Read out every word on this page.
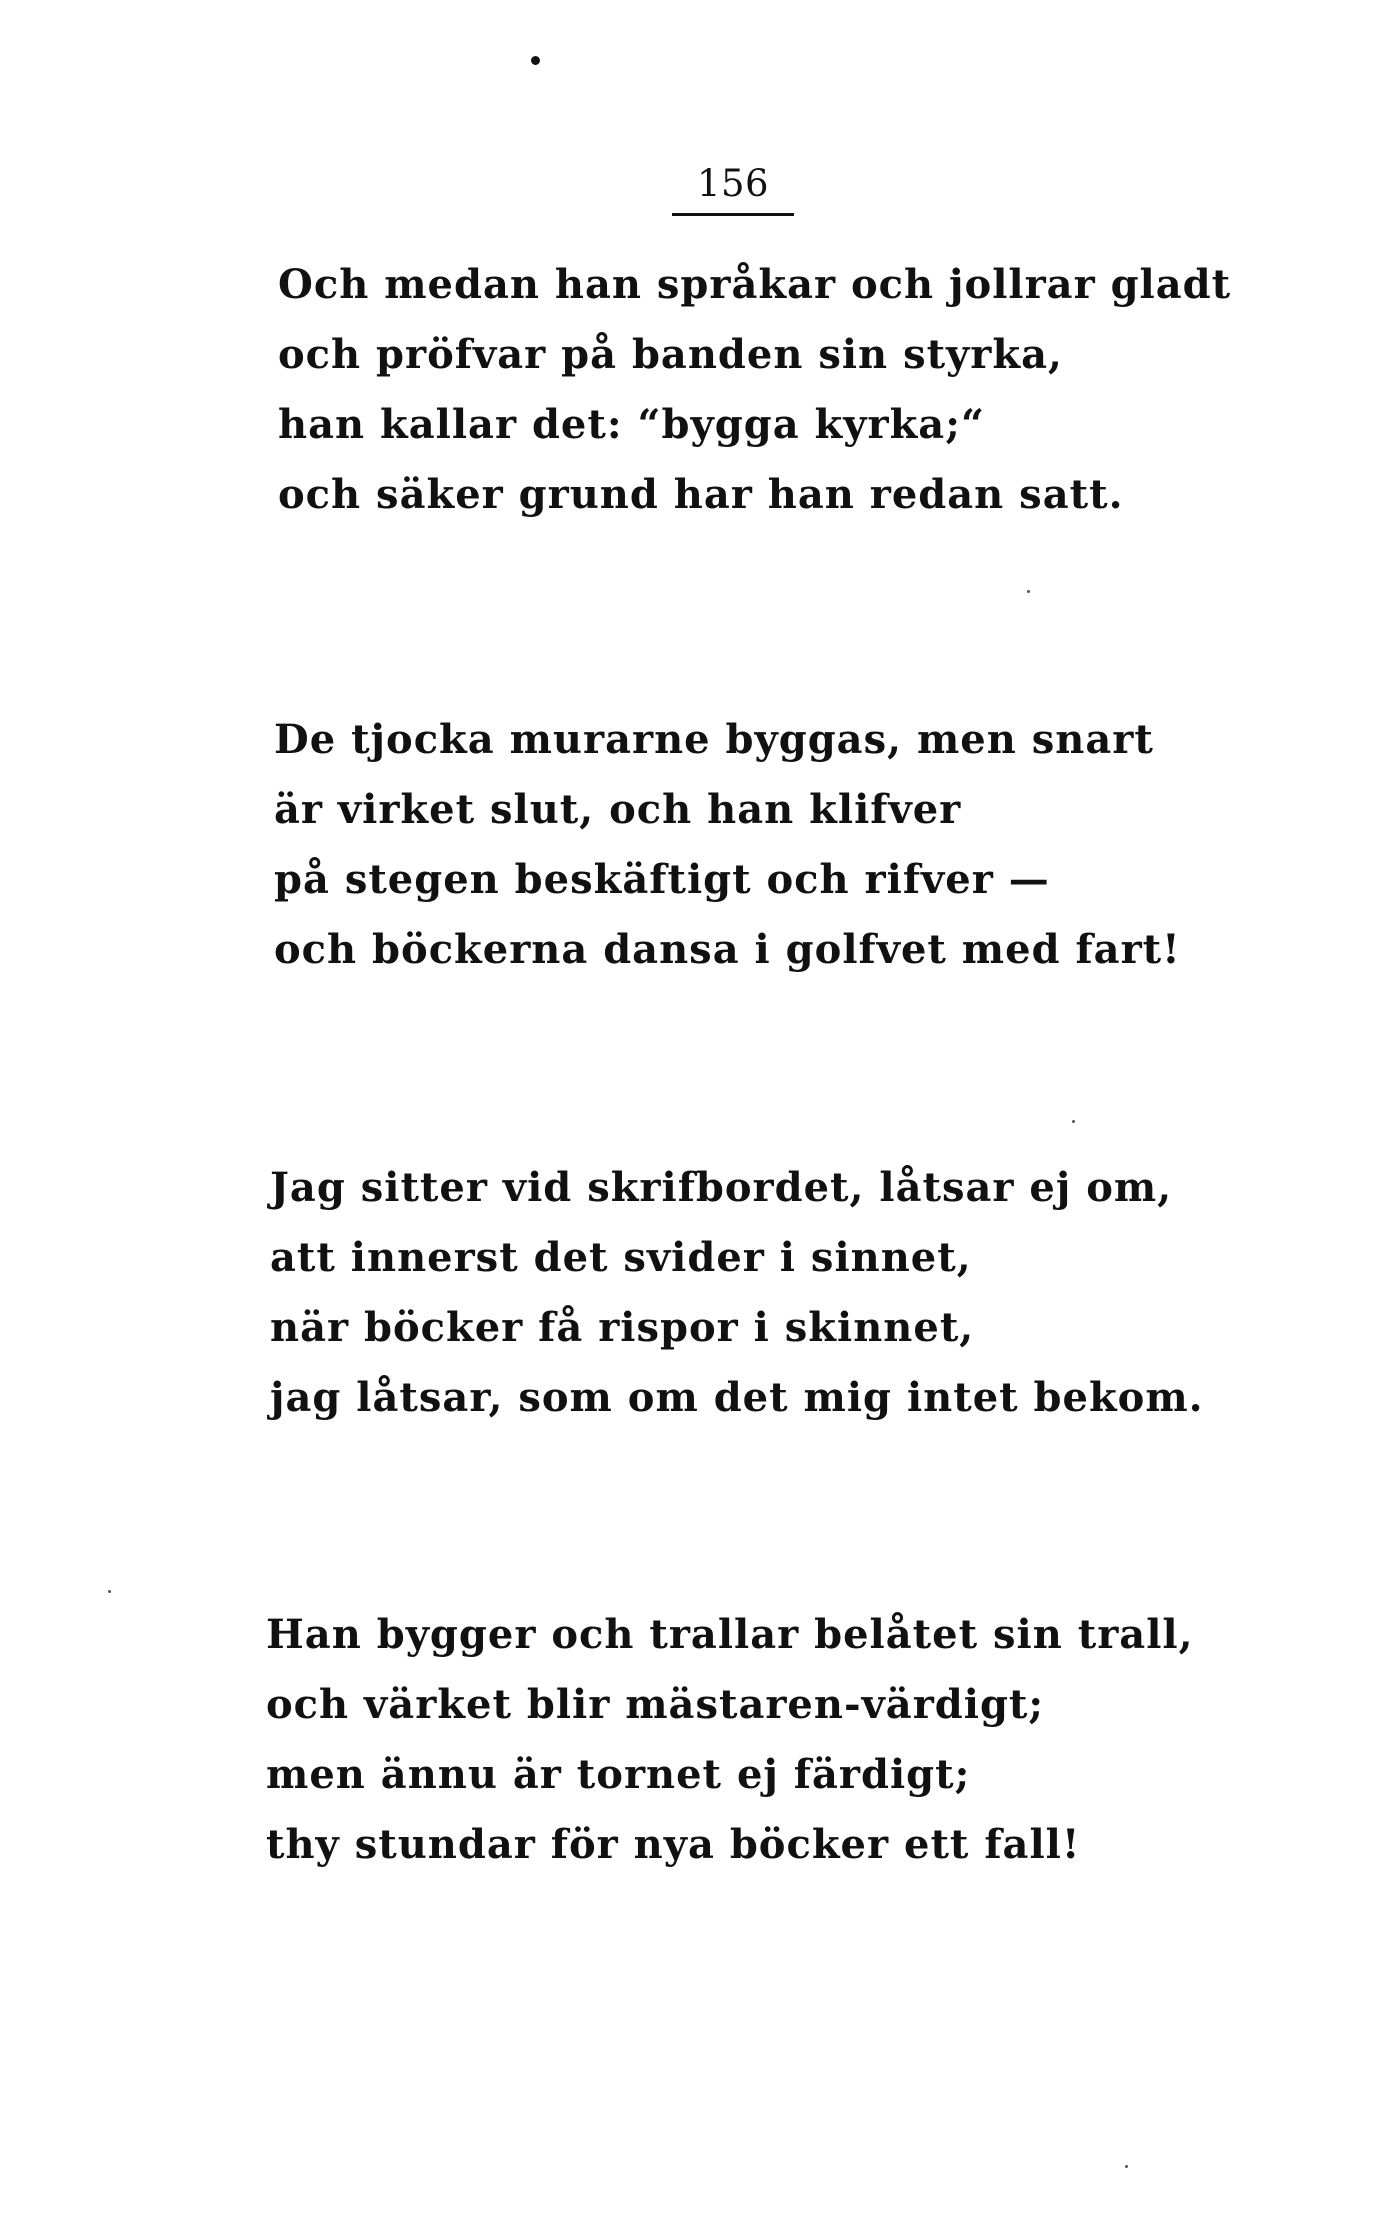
156
Och medan han språkar och jollrar gladt
och pröfvar på banden sin styrka,
han kallar det: “bygga kyrka;“
och säker grund har han redan satt.
De tjocka murarne byggas, men snart
är virket slut, och han klifver
på stegen beskäftigt och rifver —
och böckerna dansa i golfvet med fart!
Jag sitter vid skrifbordet, låtsar ej om,
att innerst det svider i sinnet,
när böcker få rispor i skinnet,
jag låtsar, som om det mig intet bekom.
Han bygger och trallar belåtet sin trall,
och värket blir mästaren-värdigt;
men ännu är tornet ej färdigt;
thy stundar för nya böcker ett fall!
